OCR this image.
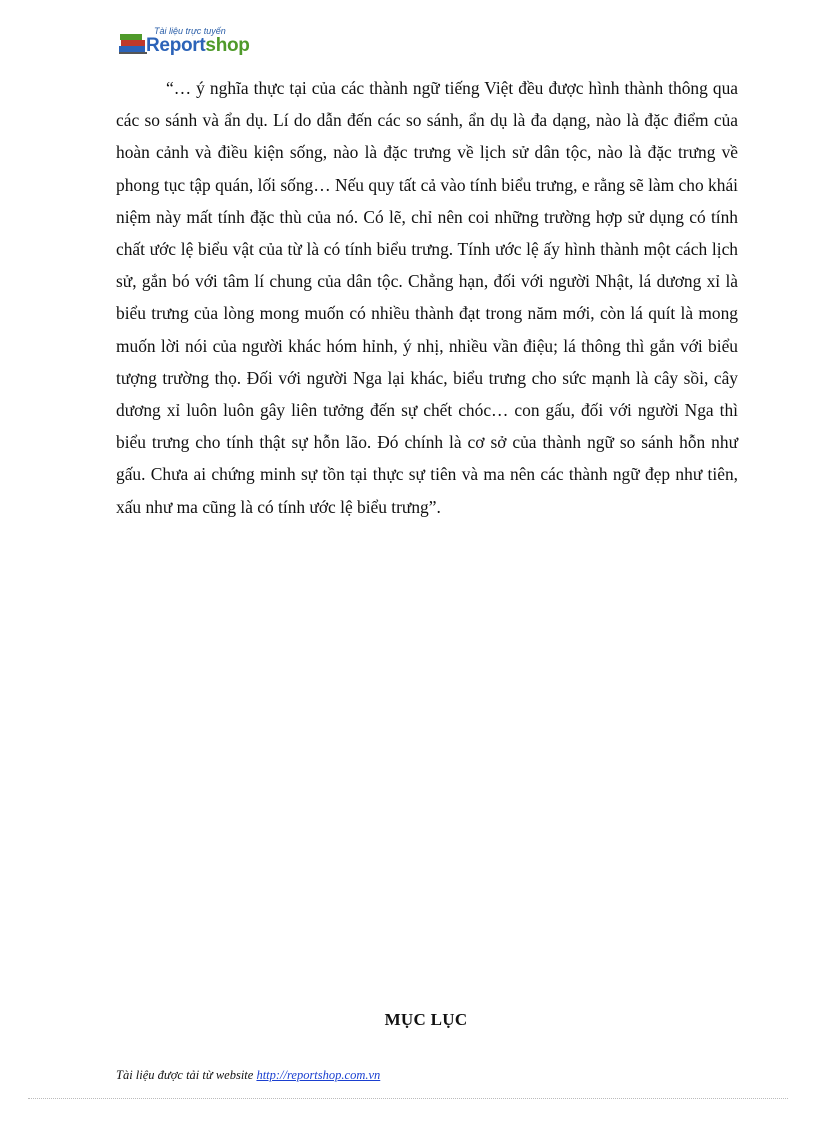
Tài liệu trực tuyến
Reportshop

“… ý nghĩa thực tại của các thành ngữ tiếng Việt đều được hình thành thông qua các so sánh và ẩn dụ. Lí do dẫn đến các so sánh, ẩn dụ là đa dạng, nào là đặc điểm của hoàn cảnh và điều kiện sống, nào là đặc trưng về lịch sử dân tộc, nào là đặc trưng về phong tục tập quán, lối sống… Nếu quy tất cả vào tính biểu trưng, e rằng sẽ làm cho khái niệm này mất tính đặc thù của nó. Có lẽ, chỉ nên coi những trường hợp sử dụng có tính chất ước lệ biểu vật của từ là có tính biểu trưng. Tính ước lệ ấy hình thành một cách lịch sử, gắn bó với tâm lí chung của dân tộc. Chẳng hạn, đối với người Nhật, lá dương xỉ là biểu trưng của lòng mong muốn có nhiều thành đạt trong năm mới, còn lá quít là mong muốn lời nói của người khác hóm hỉnh, ý nhị, nhiều vần điệu; lá thông thì gắn với biểu tượng trường thọ. Đối với người Nga lại khác, biểu trưng cho sức mạnh là cây sồi, cây dương xỉ luôn luôn gây liên tưởng đến sự chết chóc… con gấu, đối với người Nga thì biểu trưng cho tính thật sự hỗn lão. Đó chính là cơ sở của thành ngữ so sánh hỗn như gấu. Chưa ai chứng minh sự tồn tại thực sự tiên và ma nên các thành ngữ đẹp như tiên, xấu như ma cũng là có tính ước lệ biểu trưng”.

MỤC LỤC
Tài liệu được tải từ website http://reportshop.com.vn
